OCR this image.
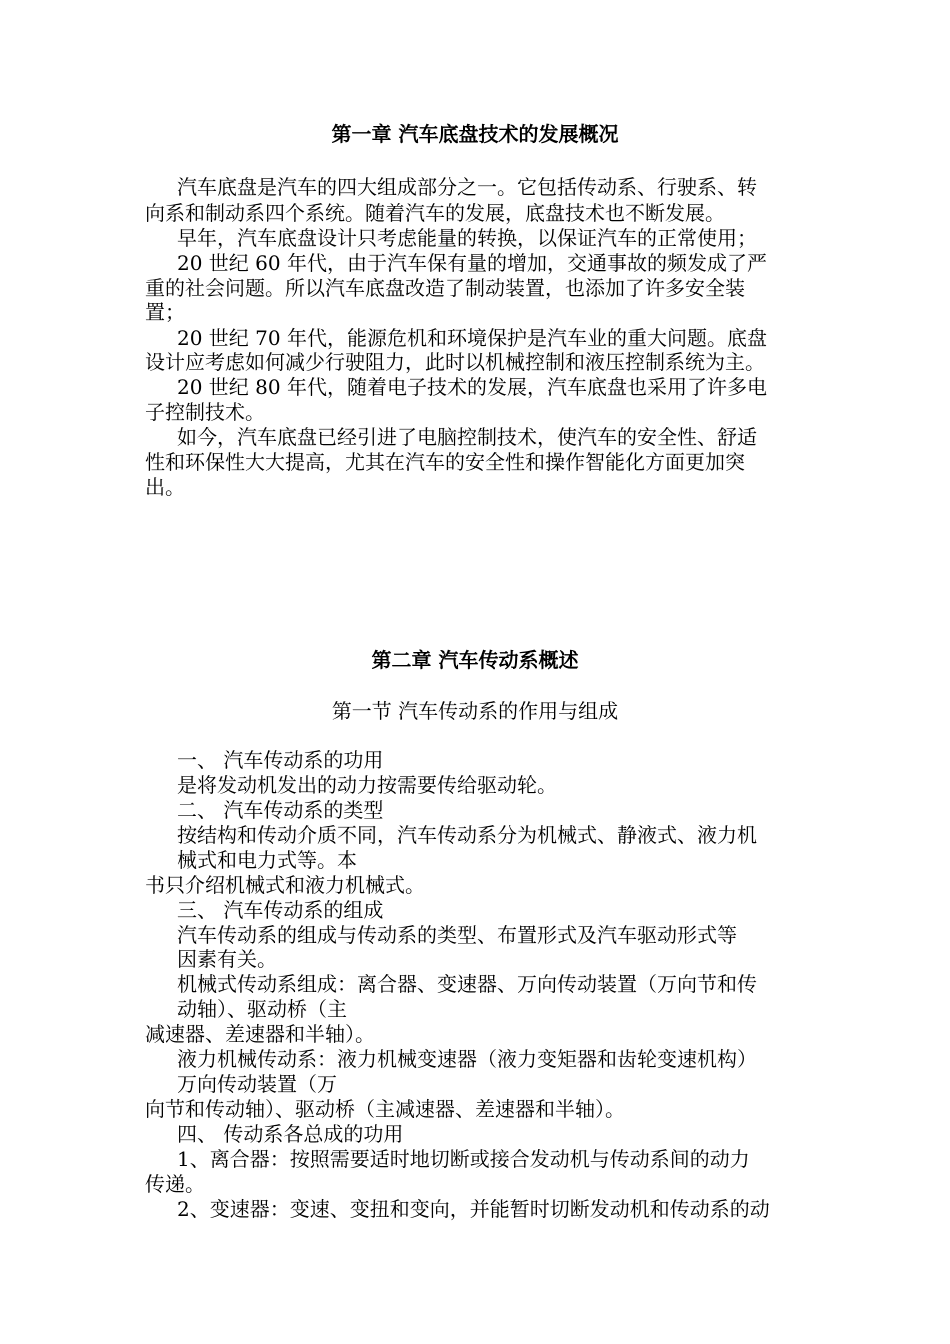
第一章 汽车底盘技术的发展概况
汽车底盘是汽车的四大组成部分之一。它包括传动系、行驶系、转
向系和制动系四个系统。随着汽车的发展，底盘技术也不断发展。
早年，汽车底盘设计只考虑能量的转换，以保证汽车的正常使用；
20 世纪 60 年代，由于汽车保有量的增加，交通事故的频发成了严
重的社会问题。所以汽车底盘改造了制动装置，也添加了许多安全装
置；
20 世纪 70 年代，能源危机和环境保护是汽车业的重大问题。底盘
设计应考虑如何减少行驶阻力，此时以机械控制和液压控制系统为主。
20 世纪 80 年代，随着电子技术的发展，汽车底盘也采用了许多电
子控制技术。
如今，汽车底盘已经引进了电脑控制技术，使汽车的安全性、舒适
性和环保性大大提高，尤其在汽车的安全性和操作智能化方面更加突
出。
第二章 汽车传动系概述
第一节 汽车传动系的作用与组成
一、 汽车传动系的功用
是将发动机发出的动力按需要传给驱动轮。
二、 汽车传动系的类型
按结构和传动介质不同，汽车传动系分为机械式、静液式、液力机
械式和电力式等。本
书只介绍机械式和液力机械式。
三、 汽车传动系的组成
汽车传动系的组成与传动系的类型、布置形式及汽车驱动形式等
因素有关。
机械式传动系组成：离合器、变速器、万向传动装置（万向节和传
动轴）、驱动桥（主
减速器、差速器和半轴）。
液力机械传动系：液力机械变速器（液力变矩器和齿轮变速机构）
万向传动装置（万
向节和传动轴）、驱动桥（主减速器、差速器和半轴）。
四、 传动系各总成的功用
1、离合器：按照需要适时地切断或接合发动机与传动系间的动力
传递。
2、变速器：变速、变扭和变向，并能暂时切断发动机和传动系的动
